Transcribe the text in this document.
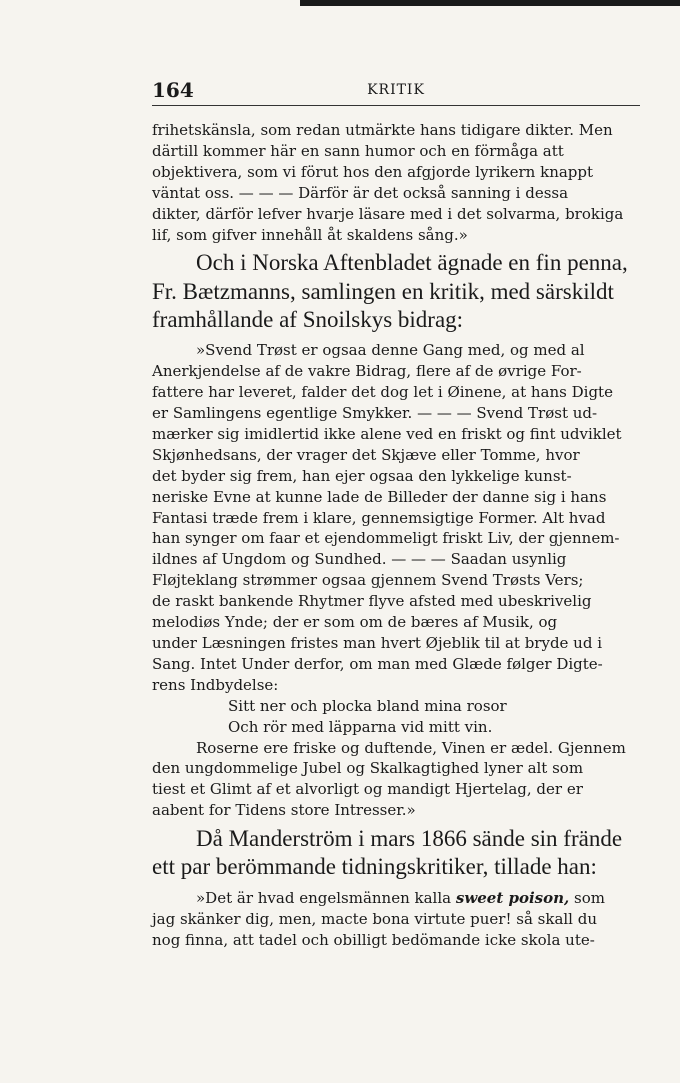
164	KRITIK
frihetskänsla, som redan utmärkte hans tidigare dikter. Men
därtill kommer här en sann humor och en förmåga att
objektivera, som vi förut hos den afgjorde lyrikern knappt
väntat oss. — — — Därför är det också sanning i dessa
dikter, därför lefver hvarje läsare med i det solvarma, brokiga
lif, som gifver innehåll åt skaldens sång.»
Och i Norska Aftenbladet ägnade en fin penna,
Fr. Bætzmanns, samlingen en kritik, med särskildt
framhållande af Snoilskys bidrag:
»Svend Trøst er ogsaa denne Gang med, og med al
Anerkjendelse af de vakre Bidrag, flere af de øvrige For-
fattere har leveret, falder det dog let i Øinene, at hans Digte
er Samlingens egentlige Smykker. — — — Svend Trøst ud-
mærker sig imidlertid ikke alene ved en friskt og fint udviklet
Skjønhedsans, der vrager det Skjæve eller Tomme, hvor
det byder sig frem, han ejer ogsaa den lykkelige kunst-
neriske Evne at kunne lade de Billeder der danne sig i hans
Fantasi træde frem i klare, gennemsigtige Former. Alt hvad
han synger om faar et ejendommeligt friskt Liv, der gjennem-
ildnes af Ungdom og Sundhed. — — — Saadan usynlig
Fløjteklang strømmer ogsaa gjennem Svend Trøsts Vers;
de raskt bankende Rhytmer flyve afsted med ubeskrivelig
melodiøs Ynde; der er som om de bæres af Musik, og
under Læsningen fristes man hvert Øjeblik til at bryde ud i
Sang. Intet Under derfor, om man med Glæde følger Digte-
rens Indbydelse:
Sitt ner och plocka bland mina rosor
Och rör med läpparna vid mitt vin.
Roserne ere friske og duftende, Vinen er ædel. Gjennem
den ungdommelige Jubel og Skalkagtighed lyner alt som
tiest et Glimt af et alvorligt og mandigt Hjertelag, der er
aabent for Tidens store Intresser.»
Då Manderström i mars 1866 sände sin frände
ett par berömmande tidningskritiker, tillade han:
»Det är hvad engelsmännen kalla sweet poison, som
jag skänker dig, men, macte bona virtute puer! så skall du
nog finna, att tadel och obilligt bedömande icke skola ute-
